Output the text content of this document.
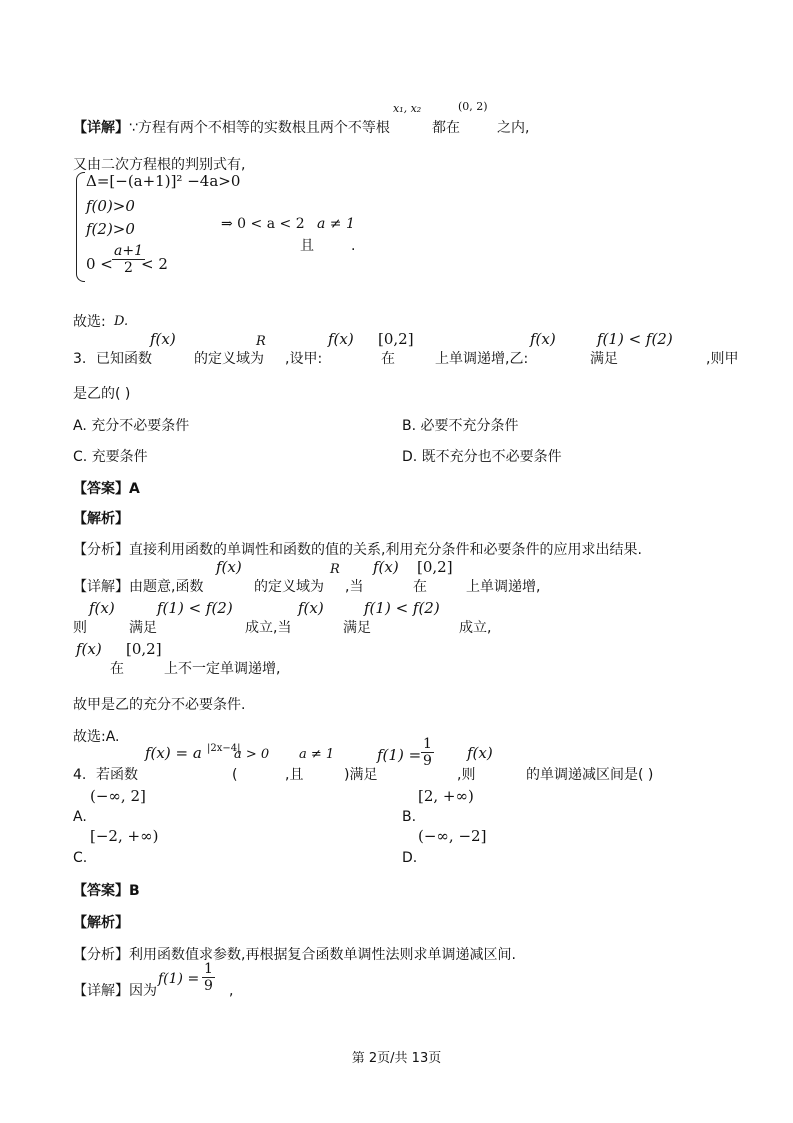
x₁, x₂	(0, 2)
【详解】 ∵方程有两个不相等的实数根且两个不等根	都在	之内,
又由二次方程根的判别式有,
Δ=[−(a+1)]² −4a>0
f(0)>0
f(2)>0
$0 < \frac{a+1}{2}$
< 2
⇒ 0 < a < 2 a ≠ 1
且	.
故选: D.
f(x)	R	f(x) [0,2]	f(x)	f(1) < f(2)
3. 已知函数	的定义域为 ,设甲:	在	上单调递增,乙:	满足	,则甲
是乙的( )
A. 充分不必要条件	B. 必要不充分条件
C. 充要条件	D. 既不充分也不必要条件
【答案】A
【解析】
【分析】直接利用函数的单调性和函数的值的关系,利用充分条件和必要条件的应用求出结果.
f(x)	R f(x) [0,2]
【详解】由题意,函数	的定义域为 ,当	在	上单调递增,
f(x)	f(1) < f(2)	f(x)	f(1) < f(2)
则	满足	成立,当	满足	成立,
f(x) [0,2]
在	上不一定单调递增,
故甲是乙的充分不必要条件.
故选:A.
f(x) = a |2x−4|
a > 0 a ≠ 1	$f(1) = \frac{1}{9} f(x)$
4. 若函数	(	,且	)满足	,则	的单调递减区间是( )
(−∞, 2]
A.
[2, +∞)
B.
[−2, +∞)
C.
(−∞, −2]
D.
【答案】B
【解析】
【分析】利用函数值求参数,再根据复合函数单调性法则求单调递减区间.
$f(1) = \frac{1}{9}$
【详解】因为	,
第 2页/共 13页
